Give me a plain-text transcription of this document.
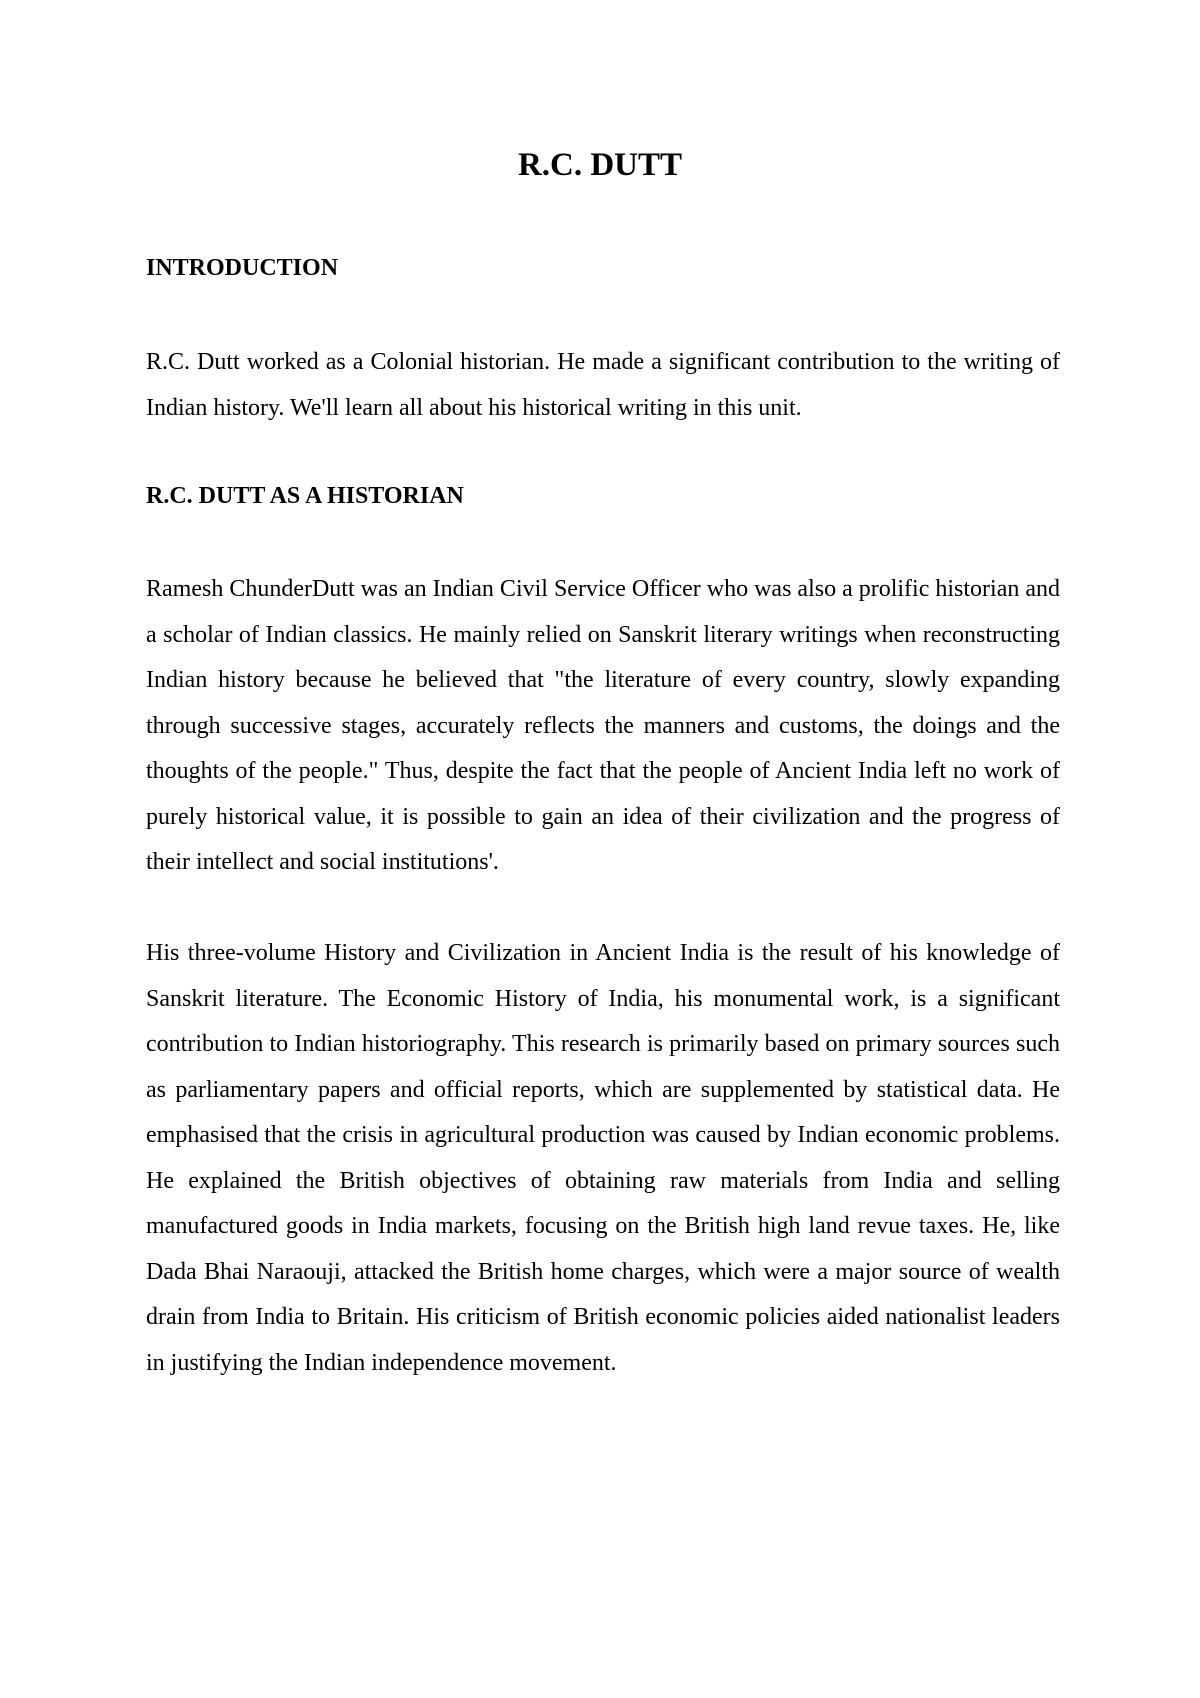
R.C. DUTT
INTRODUCTION

R.C. Dutt worked as a Colonial historian. He made a significant contribution to the writing of Indian history. We'll learn all about his historical writing in this unit.

R.C. DUTT AS A HISTORIAN

Ramesh ChunderDutt was an Indian Civil Service Officer who was also a prolific historian and a scholar of Indian classics. He mainly relied on Sanskrit literary writings when reconstructing Indian history because he believed that "the literature of every country, slowly expanding through successive stages, accurately reflects the manners and customs, the doings and the thoughts of the people." Thus, despite the fact that the people of Ancient India left no work of purely historical value, it is possible to gain an idea of their civilization and the progress of their intellect and social institutions'.

His three-volume History and Civilization in Ancient India is the result of his knowledge of Sanskrit literature. The Economic History of India, his monumental work, is a significant contribution to Indian historiography. This research is primarily based on primary sources such as parliamentary papers and official reports, which are supplemented by statistical data. He emphasised that the crisis in agricultural production was caused by Indian economic problems. He explained the British objectives of obtaining raw materials from India and selling manufactured goods in India markets, focusing on the British high land revue taxes. He, like Dada Bhai Naraouji, attacked the British home charges, which were a major source of wealth drain from India to Britain. His criticism of British economic policies aided nationalist leaders in justifying the Indian independence movement.
